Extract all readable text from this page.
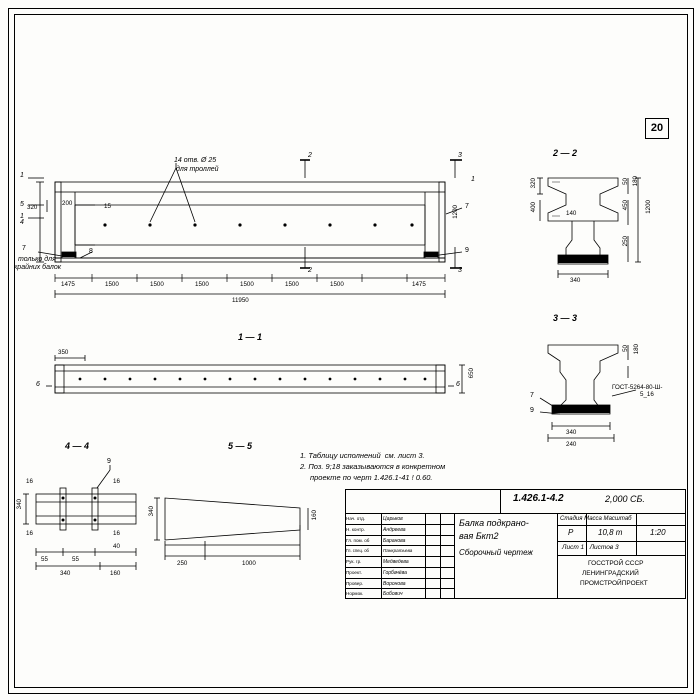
20
14 отв. Ø 25
для троллей
только для
крайних балок
320
200	15	1200
7	8
7
9
2
2
3
3
1
1
5
4
1
1475	1500	1500	1500	1500	1500	1500	1475
11950
1 — 1
350
650
6	6
4 — 4
9
16	16
16	16
340
55	55
40
340	160
5 — 5
340	160
250	1000
2 — 2
320
400
140
50 180
450	1200
250
340
3 — 3
50 180
340
240
7
9
ГОСТ-5264-80-Ш-
5_16
1. Таблицу исполнений  см. лист 3.
2. Поз. 9;18 заказываются в конкретном
проекте по черт 1.426.1-41 ! 0.60.
Нач. отд.	Царьков
Н. контр.	Андреева
Гл. пом. об	Баранова
Гл. спец. об	Панкратьева
Рук. гр.	Медведева
Проект.	Горбачёва
Провер.	Воронова
Нормок.	Бобович
1.426.1-4.2	2,000 СБ.
Балка подкрано-
вая Бкт2
Сборочный чертеж
Стадия Масса Масштаб
Р	10,8 т	1:20
Лист 1   Листов 3
ГОССТРОЙ СССР
ЛЕНИНГРАДСКИЙ
ПРОМСТРОЙПРОЕКТ
